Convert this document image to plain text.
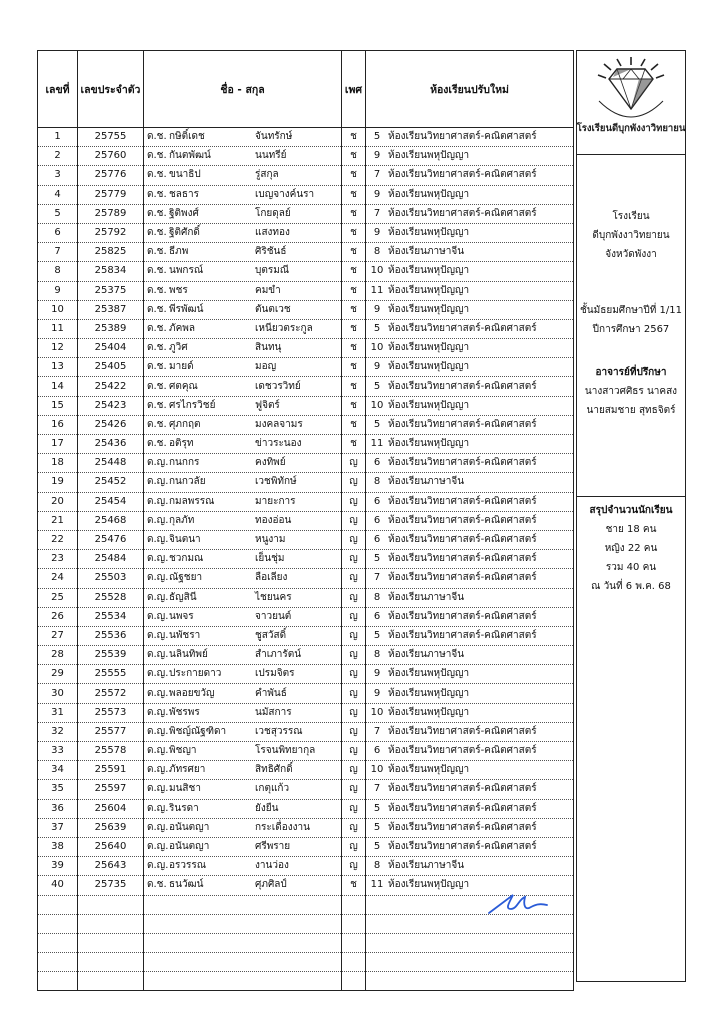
เลขที่	เลขประจำตัว	ชื่อ - สกุล	เพศ	ห้องเรียนปรับใหม่
1	25755	ด.ช. กษิติ์เดช จันทรักษ์	ช	5 ห้องเรียนวิทยาศาสตร์-คณิตศาสตร์

2	25760	ด.ช. กันตพัฒน์ นนทรีย์	ช	9 ห้องเรียนพหุปัญญา

3	25776	ด.ช. ขนาธิป รู่สกุล	ช	7 ห้องเรียนวิทยาศาสตร์-คณิตศาสตร์

4	25779	ด.ช. ชลธาร เบญจางค์นรา	ช	9 ห้องเรียนพหุปัญญา

5	25789	ด.ช. ฐิติพงศ์ โกยดุลย์	ช	7 ห้องเรียนวิทยาศาสตร์-คณิตศาสตร์

6	25792	ด.ช. ฐิติศักดิ์ แสงทอง	ช	9 ห้องเรียนพหุปัญญา

7	25825	ด.ช. ธีภพ ศิริชันธ์	ช	8 ห้องเรียนภาษาจีน

8	25834	ด.ช. นพกรณ์ บุตรมณี	ช	10 ห้องเรียนพหุปัญญา

9	25375	ด.ช. พชร คมขำ	ช	11 ห้องเรียนพหุปัญญา

10	25387	ด.ช. พีรพัฒน์ ตันตเวช	ช	9 ห้องเรียนพหุปัญญา

11	25389	ด.ช. ภัคพล เหนียวตระกูล	ช	5 ห้องเรียนวิทยาศาสตร์-คณิตศาสตร์

12	25404	ด.ช. ภูวิศ สินทนุ	ช	10 ห้องเรียนพหุปัญญา

13	25405	ด.ช. มายด์ มอญ	ช	9 ห้องเรียนพหุปัญญา

14	25422	ด.ช. ศตคุณ เดชวรวิทย์	ช	5 ห้องเรียนวิทยาศาสตร์-คณิตศาสตร์

15	25423	ด.ช. ศรไกรวิชย์ ฟูจิตร์	ช	10 ห้องเรียนพหุปัญญา

16	25426	ด.ช. ศุภกฤต มงคลจามร	ช	5 ห้องเรียนวิทยาศาสตร์-คณิตศาสตร์

17	25436	ด.ช. อติรุท ข่าวระนอง	ช	11 ห้องเรียนพหุปัญญา

18	25448	ด.ญ. กนกกร คงทิพย์	ญ	6 ห้องเรียนวิทยาศาสตร์-คณิตศาสตร์

19	25452	ด.ญ. กนกวลัย เวชพิทักษ์	ญ	8 ห้องเรียนภาษาจีน

20	25454	ด.ญ. กมลพรรณ มายะการ	ญ	6 ห้องเรียนวิทยาศาสตร์-คณิตศาสตร์

21	25468	ด.ญ. กุลภัท ทองอ่อน	ญ	6 ห้องเรียนวิทยาศาสตร์-คณิตศาสตร์

22	25476	ด.ญ. จินตนา หนูงาม	ญ	6 ห้องเรียนวิทยาศาสตร์-คณิตศาสตร์

23	25484	ด.ญ. ชวกมณ เย็นชุ่ม	ญ	5 ห้องเรียนวิทยาศาสตร์-คณิตศาสตร์

24	25503	ด.ญ. ณัฐชยา ลือเลียง	ญ	7 ห้องเรียนวิทยาศาสตร์-คณิตศาสตร์

25	25528	ด.ญ. ธัญสินี ไชยนคร	ญ	8 ห้องเรียนภาษาจีน

26	25534	ด.ญ. นพจร จาวยนต์	ญ	6 ห้องเรียนวิทยาศาสตร์-คณิตศาสตร์

27	25536	ด.ญ. นพัชรา ชูสวัสดิ์	ญ	5 ห้องเรียนวิทยาศาสตร์-คณิตศาสตร์

28	25539	ด.ญ. นลินทิพย์ สำเภารัตน์	ญ	8 ห้องเรียนภาษาจีน

29	25555	ด.ญ. ประกายดาว เปรมจิตร	ญ	9 ห้องเรียนพหุปัญญา

30	25572	ด.ญ. พลอยขวัญ คำพันธ์	ญ	9 ห้องเรียนพหุปัญญา

31	25573	ด.ญ. พัชรพร นมัสการ	ญ	10 ห้องเรียนพหุปัญญา

32	25577	ด.ญ. พิชญ์ณัฐฑิดา เวชสุวรรณ	ญ	7 ห้องเรียนวิทยาศาสตร์-คณิตศาสตร์

33	25578	ด.ญ. พิชญา โรจนพิทยากุล	ญ	6 ห้องเรียนวิทยาศาสตร์-คณิตศาสตร์

34	25591	ด.ญ. ภัทรศยา สิทธิศักดิ์	ญ	10 ห้องเรียนพหุปัญญา

35	25597	ด.ญ. มนสิชา เกตุแก้ว	ญ	7 ห้องเรียนวิทยาศาสตร์-คณิตศาสตร์

36	25604	ด.ญ. รินรดา ยังยืน	ญ	5 ห้องเรียนวิทยาศาสตร์-คณิตศาสตร์

37	25639	ด.ญ. อนันตญา กระเดื่องงาน	ญ	5 ห้องเรียนวิทยาศาสตร์-คณิตศาสตร์

38	25640	ด.ญ. อนันตญา ศรีพราย	ญ	5 ห้องเรียนวิทยาศาสตร์-คณิตศาสตร์

39	25643	ด.ญ. อรวรรณ งานว่อง	ญ	8 ห้องเรียนภาษาจีน

40	25735	ด.ช. ธนวัฒน์ ศุภศิลป์	ช	11 ห้องเรียนพหุปัญญา

โรงเรียนดีบุกพังงาวิทยายน
โรงเรียน
ดีบุกพังงาวิทยายน
จังหวัดพังงา
ชั้นมัธยมศึกษาปีที่ 1/11
ปีการศึกษา 2567
อาจารย์ที่ปรึกษา
นางสาวศศิธร นาคสง
นายสมชาย สุทธจิตร์
สรุปจำนวนนักเรียน
ชาย 18 คน
หญิง 22 คน
รวม 40 คน
ณ วันที่ 6 พ.ค. 68
